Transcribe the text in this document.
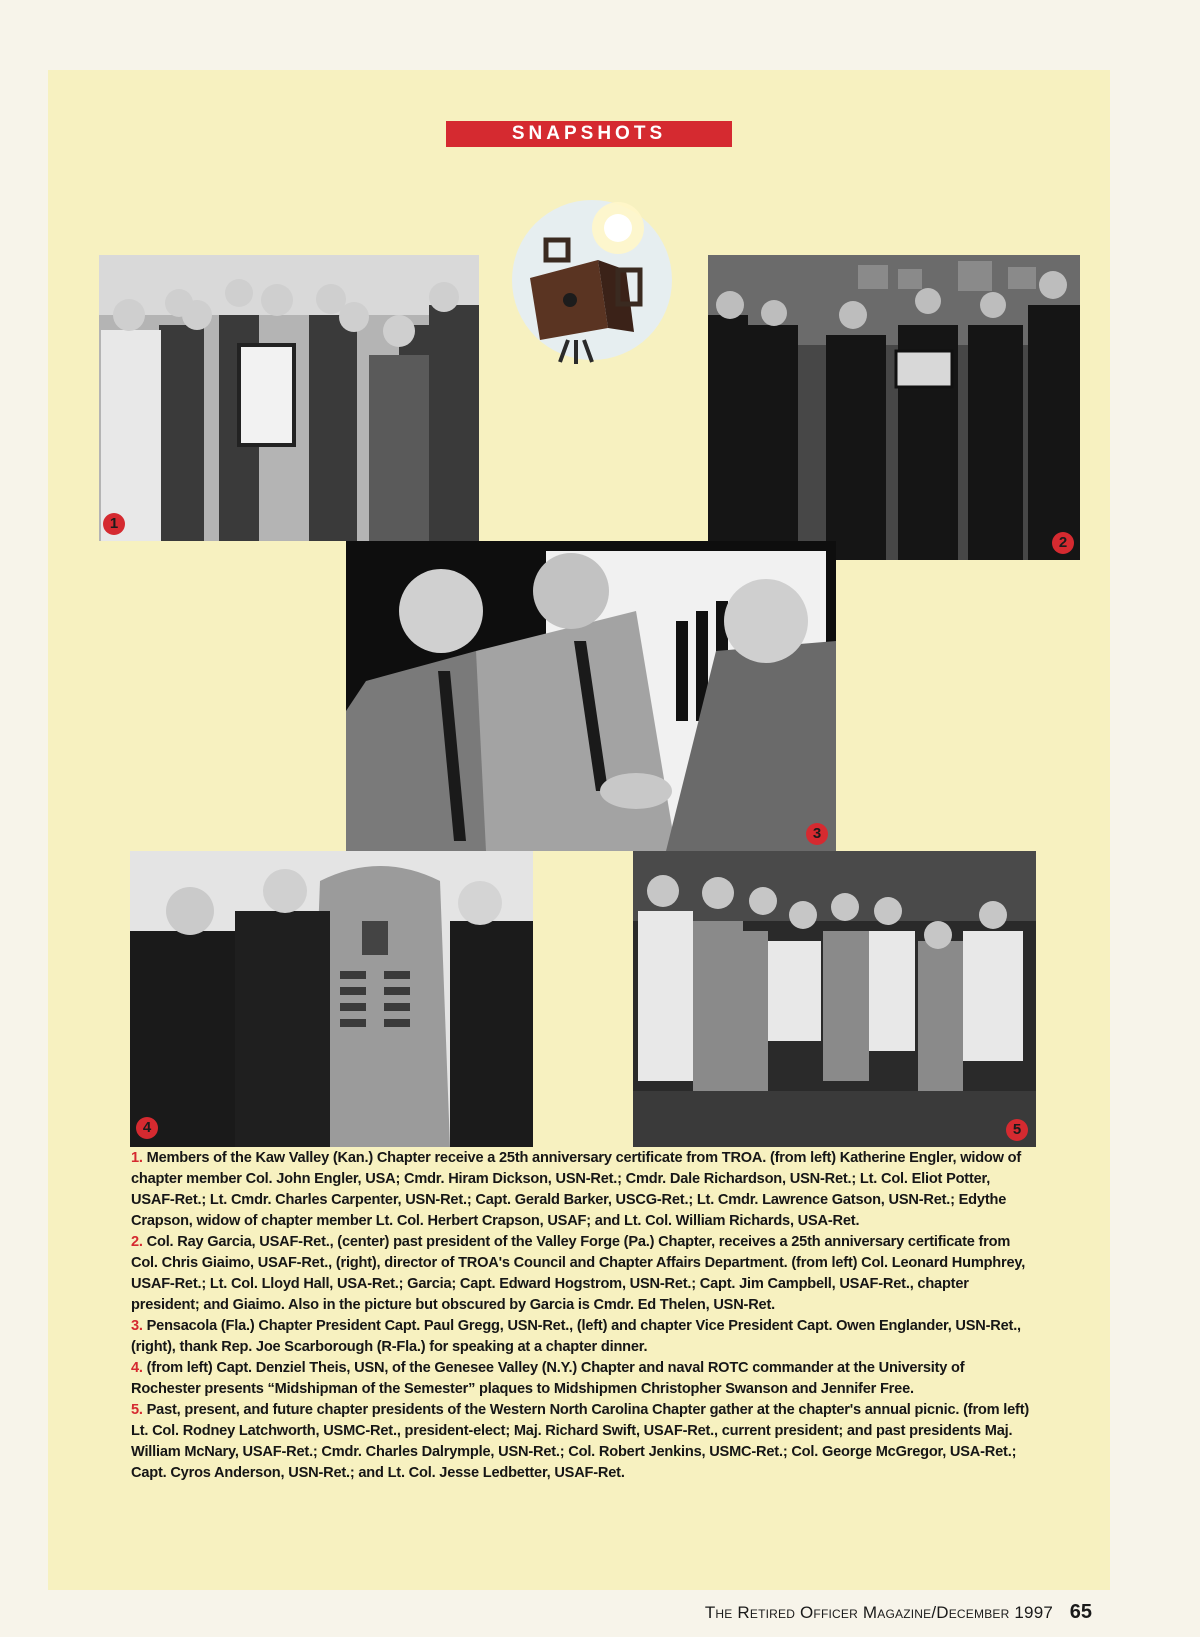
SNAPSHOTS
1
2
3
4	5

1. Members of the Kaw Valley (Kan.) Chapter receive a 25th anniversary certificate from TROA. (from left) Katherine Engler, widow of chapter member Col. John Engler, USA; Cmdr. Hiram Dickson, USN-Ret.; Cmdr. Dale Richardson, USN-Ret.; Lt. Col. Eliot Potter, USAF-Ret.; Lt. Cmdr. Charles Carpenter, USN-Ret.; Capt. Gerald Barker, USCG-Ret.; Lt. Cmdr. Lawrence Gatson, USN-Ret.; Edythe Crapson, widow of chapter member Lt. Col. Herbert Crapson, USAF; and Lt. Col. William Richards, USA-Ret.

2. Col. Ray Garcia, USAF-Ret., (center) past president of the Valley Forge (Pa.) Chapter, receives a 25th anniversary certificate from Col. Chris Giaimo, USAF-Ret., (right), director of TROA's Council and Chapter Affairs Department. (from left) Col. Leonard Humphrey, USAF-Ret.; Lt. Col. Lloyd Hall, USA-Ret.; Garcia; Capt. Edward Hogstrom, USN-Ret.; Capt. Jim Campbell, USAF-Ret., chapter president; and Giaimo. Also in the picture but obscured by Garcia is Cmdr. Ed Thelen, USN-Ret.

3. Pensacola (Fla.) Chapter President Capt. Paul Gregg, USN-Ret., (left) and chapter Vice President Capt. Owen Englander, USN-Ret., (right), thank Rep. Joe Scarborough (R-Fla.) for speaking at a chapter dinner.

4. (from left) Capt. Denziel Theis, USN, of the Genesee Valley (N.Y.) Chapter and naval ROTC commander at the University of Rochester presents “Midshipman of the Semester” plaques to Midshipmen Christopher Swanson and Jennifer Free.

5. Past, present, and future chapter presidents of the Western North Carolina Chapter gather at the chapter's annual picnic. (from left) Lt. Col. Rodney Latchworth, USMC-Ret., president-elect; Maj. Richard Swift, USAF-Ret., current president; and past presidents Maj. William McNary, USAF-Ret.; Cmdr. Charles Dalrymple, USN-Ret.; Col. Robert Jenkins, USMC-Ret.; Col. George McGregor, USA-Ret.; Capt. Cyros Anderson, USN-Ret.; and Lt. Col. Jesse Ledbetter, USAF-Ret.

The Retired Officer Magazine/December 1997 65
